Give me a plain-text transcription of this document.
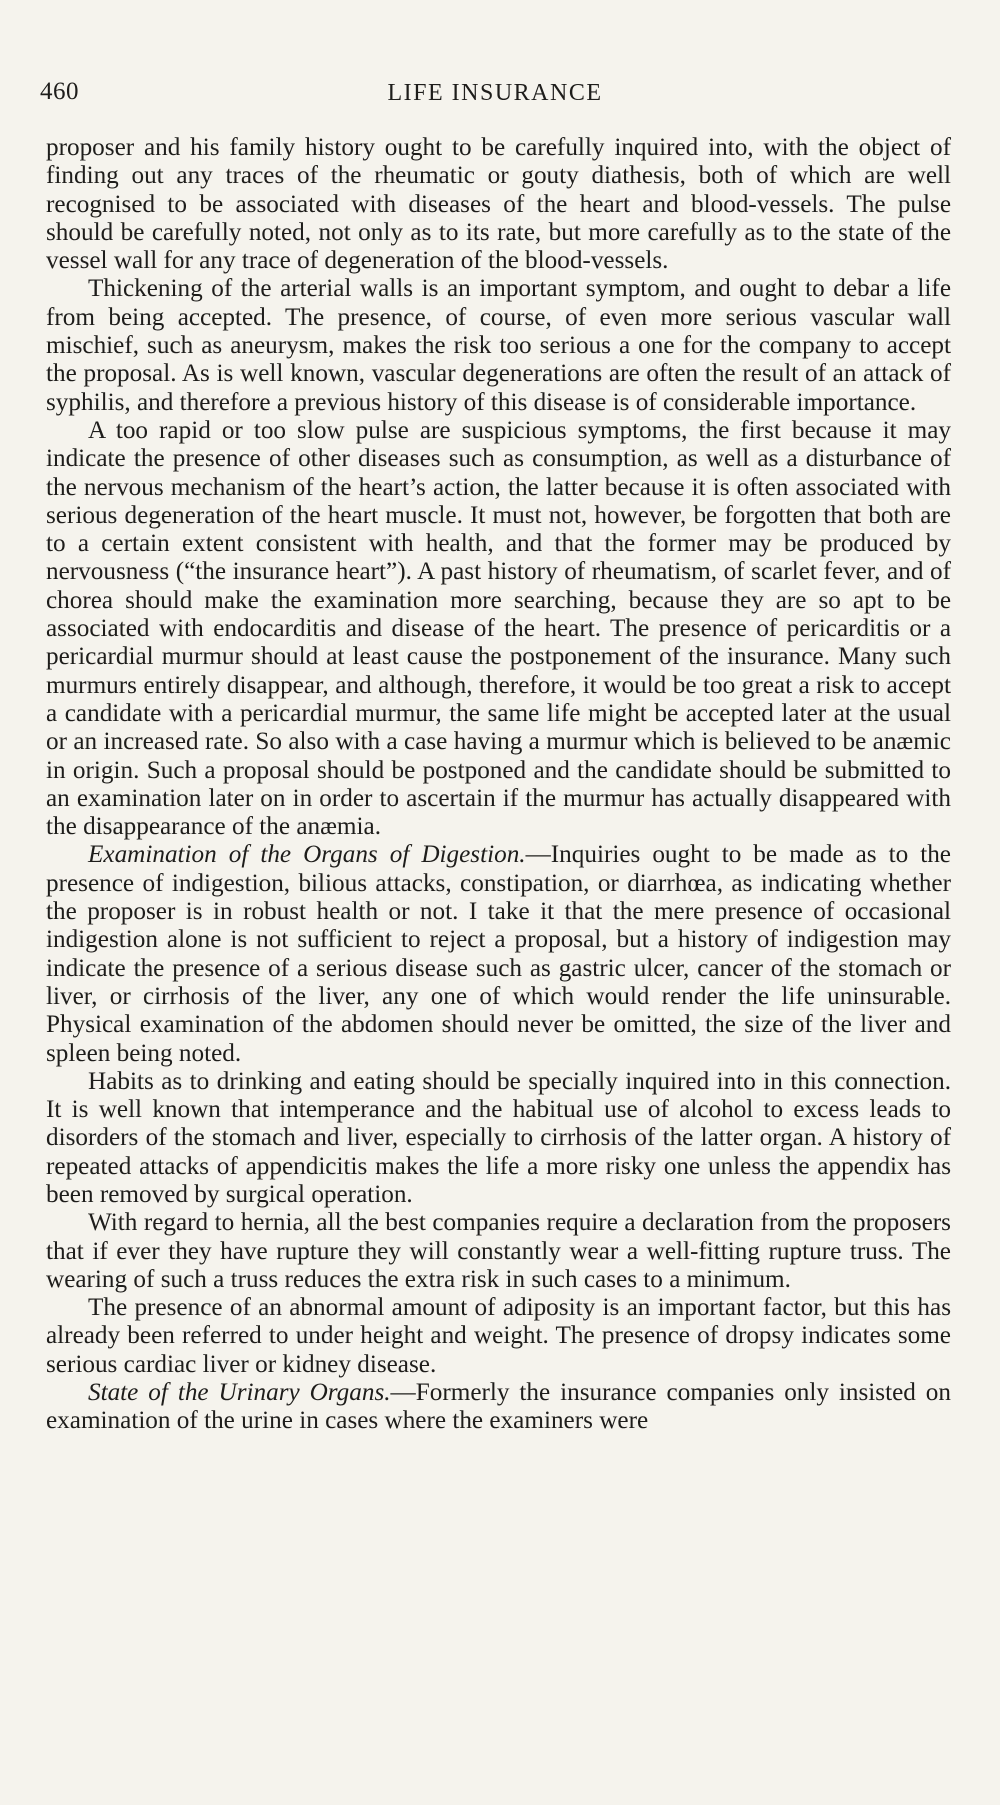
460	LIFE INSURANCE

proposer and his family history ought to be carefully inquired into, with the object of finding out any traces of the rheumatic or gouty diathesis, both of which are well recognised to be associated with diseases of the heart and blood-vessels. The pulse should be carefully noted, not only as to its rate, but more carefully as to the state of the vessel wall for any trace of degeneration of the blood-vessels.

Thickening of the arterial walls is an important symptom, and ought to debar a life from being accepted. The presence, of course, of even more serious vascular wall mischief, such as aneurysm, makes the risk too serious a one for the company to accept the proposal. As is well known, vascular degenerations are often the result of an attack of syphilis, and therefore a previous history of this disease is of considerable importance.

A too rapid or too slow pulse are suspicious symptoms, the first because it may indicate the presence of other diseases such as consumption, as well as a disturbance of the nervous mechanism of the heart’s action, the latter because it is often associated with serious degeneration of the heart muscle. It must not, however, be forgotten that both are to a certain extent consistent with health, and that the former may be produced by nervousness (“the insurance heart”). A past history of rheumatism, of scarlet fever, and of chorea should make the examination more searching, because they are so apt to be associated with endocarditis and disease of the heart. The presence of pericarditis or a pericardial murmur should at least cause the postponement of the insurance. Many such murmurs entirely disappear, and although, therefore, it would be too great a risk to accept a candidate with a pericardial murmur, the same life might be accepted later at the usual or an increased rate. So also with a case having a murmur which is believed to be anæmic in origin. Such a proposal should be postponed and the candidate should be submitted to an examination later on in order to ascertain if the murmur has actually disappeared with the disappearance of the anæmia.

Examination of the Organs of Digestion.—Inquiries ought to be made as to the presence of indigestion, bilious attacks, constipation, or diarrhœa, as indicating whether the proposer is in robust health or not. I take it that the mere presence of occasional indigestion alone is not sufficient to reject a proposal, but a history of indigestion may indicate the presence of a serious disease such as gastric ulcer, cancer of the stomach or liver, or cirrhosis of the liver, any one of which would render the life uninsurable. Physical examination of the abdomen should never be omitted, the size of the liver and spleen being noted.

Habits as to drinking and eating should be specially inquired into in this connection. It is well known that intemperance and the habitual use of alcohol to excess leads to disorders of the stomach and liver, especially to cirrhosis of the latter organ. A history of repeated attacks of appendicitis makes the life a more risky one unless the appendix has been removed by surgical operation.

With regard to hernia, all the best companies require a declaration from the proposers that if ever they have rupture they will constantly wear a well-fitting rupture truss. The wearing of such a truss reduces the extra risk in such cases to a minimum.

The presence of an abnormal amount of adiposity is an important factor, but this has already been referred to under height and weight. The presence of dropsy indicates some serious cardiac liver or kidney disease.

State of the Urinary Organs.—Formerly the insurance companies only insisted on examination of the urine in cases where the examiners were
